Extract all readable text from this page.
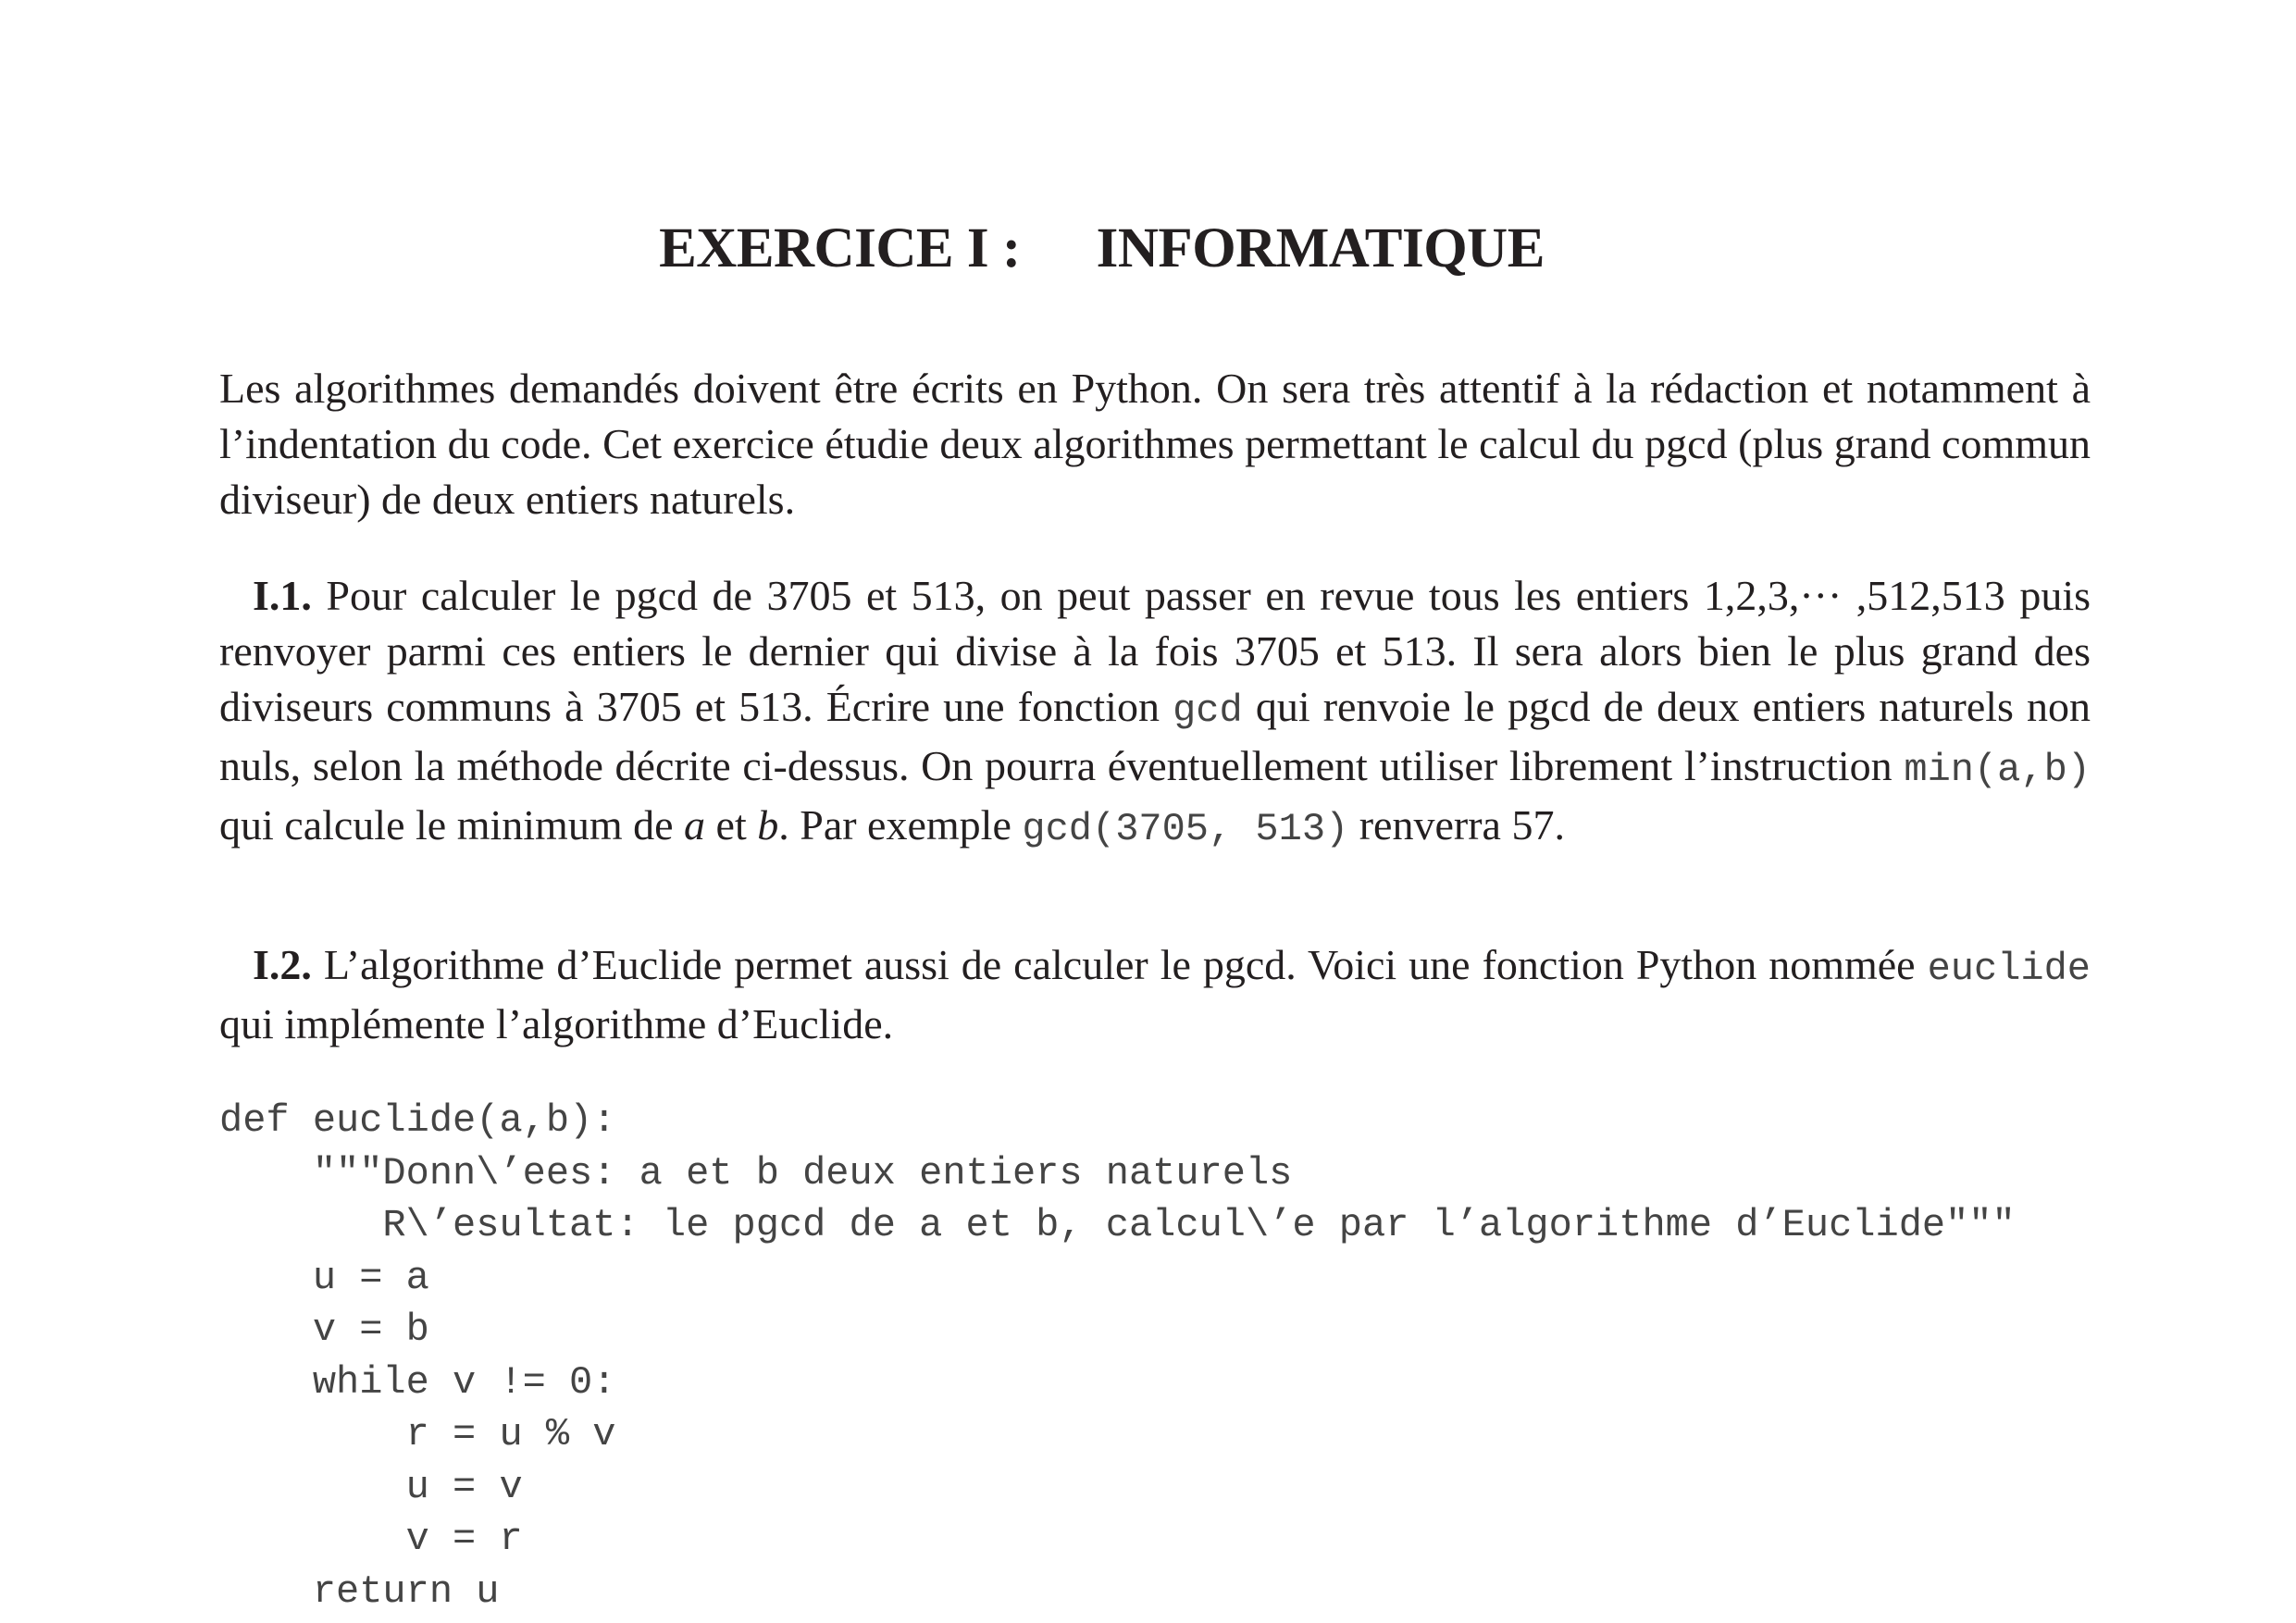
EXERCICE I : INFORMATIQUE

Les algorithmes demandés doivent être écrits en Python. On sera très attentif à la rédaction et notamment à l’indentation du code. Cet exercice étudie deux algorithmes permettant le calcul du pgcd (plus grand commun diviseur) de deux entiers naturels.

I.1. Pour calculer le pgcd de 3705 et 513, on peut passer en revue tous les entiers 1,2,3,··· ,512,513 puis renvoyer parmi ces entiers le dernier qui divise à la fois 3705 et 513. Il sera alors bien le plus grand des diviseurs communs à 3705 et 513. Écrire une fonction gcd qui renvoie le pgcd de deux entiers naturels non nuls, selon la méthode décrite ci-dessus. On pourra éventuellement utiliser librement l’instruction min(a,b) qui calcule le minimum de a et b. Par exemple gcd(3705, 513) renverra 57.

I.2. L’algorithme d’Euclide permet aussi de calculer le pgcd. Voici une fonction Python nommée euclide qui implémente l’algorithme d’Euclide.

def euclide(a,b):
"""Donn\’ees: a et b deux entiers naturels
R\’esultat: le pgcd de a et b, calcul\’e par l’algorithme d’Euclide"""
u = a
v = b
while v != 0:
r = u % v
u = v
v = r
return u
